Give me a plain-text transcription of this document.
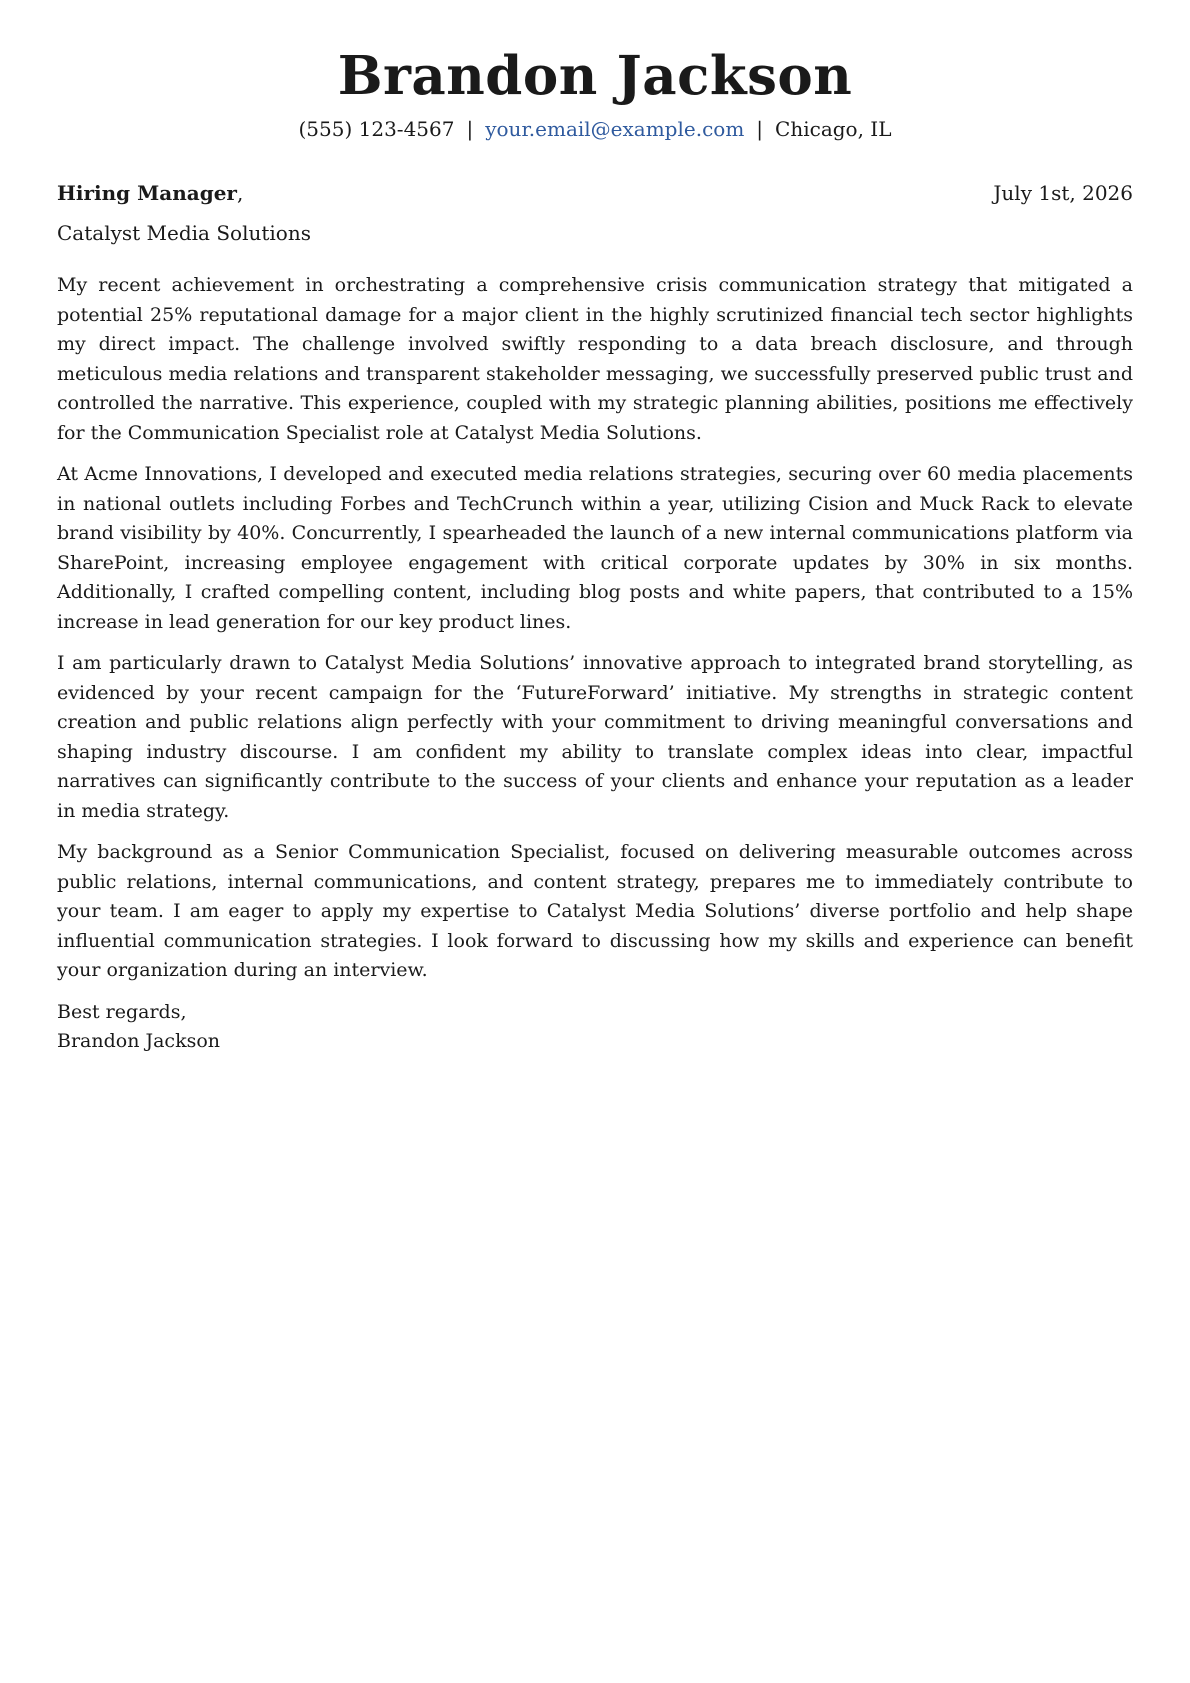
Brandon Jackson
(555) 123-4567 | your.email@example.com | Chicago, IL
Hiring Manager,	July 1st, 2026
Catalyst Media Solutions

My recent achievement in orchestrating a comprehensive crisis communication strategy that mitigated a potential 25% reputational damage for a major client in the highly scrutinized financial tech sector highlights my direct impact. The challenge involved swiftly responding to a data breach disclosure, and through meticulous media relations and transparent stakeholder messaging, we successfully preserved public trust and controlled the narrative. This experience, coupled with my strategic planning abilities, positions me effectively for the Communication Specialist role at Catalyst Media Solutions.

At Acme Innovations, I developed and executed media relations strategies, securing over 60 media placements in national outlets including Forbes and TechCrunch within a year, utilizing Cision and Muck Rack to elevate brand visibility by 40%. Concurrently, I spearheaded the launch of a new internal communications platform via SharePoint, increasing employee engagement with critical corporate updates by 30% in six months. Additionally, I crafted compelling content, including blog posts and white papers, that contributed to a 15% increase in lead generation for our key product lines.

I am particularly drawn to Catalyst Media Solutions’ innovative approach to integrated brand storytelling, as evidenced by your recent campaign for the ‘FutureForward’ initiative. My strengths in strategic content creation and public relations align perfectly with your commitment to driving meaningful conversations and shaping industry discourse. I am confident my ability to translate complex ideas into clear, impactful narratives can significantly contribute to the success of your clients and enhance your reputation as a leader in media strategy.

My background as a Senior Communication Specialist, focused on delivering measurable outcomes across public relations, internal communications, and content strategy, prepares me to immediately contribute to your team. I am eager to apply my expertise to Catalyst Media Solutions’ diverse portfolio and help shape influential communication strategies. I look forward to discussing how my skills and experience can benefit your organization during an interview.

Best regards,
Brandon Jackson
